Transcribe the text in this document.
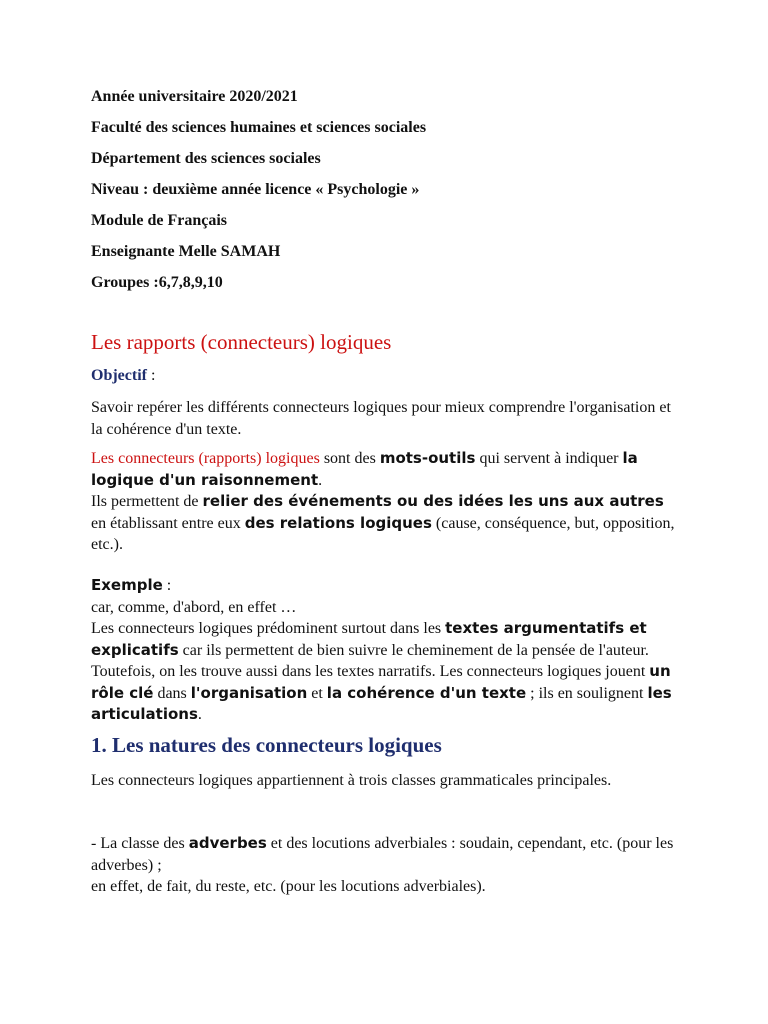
Année universitaire 2020/2021
Faculté des sciences humaines et sciences sociales
Département des sciences sociales
Niveau : deuxième année licence « Psychologie »
Module de Français
Enseignante Melle SAMAH
Groupes :6,7,8,9,10
Les rapports (connecteurs) logiques
Objectif :
Savoir repérer les différents connecteurs logiques pour mieux comprendre l'organisation et la cohérence d'un texte.
Les connecteurs (rapports) logiques sont des mots-outils qui servent à indiquer la logique d'un raisonnement.
Ils permettent de relier des événements ou des idées les uns aux autres en établissant entre eux des relations logiques (cause, conséquence, but, opposition, etc.).
Exemple :
car, comme, d'abord, en effet …
Les connecteurs logiques prédominent surtout dans les textes argumentatifs et explicatifs car ils permettent de bien suivre le cheminement de la pensée de l'auteur. Toutefois, on les trouve aussi dans les textes narratifs. Les connecteurs logiques jouent un rôle clé dans l'organisation et la cohérence d'un texte ; ils en soulignent les articulations.
1. Les natures des connecteurs logiques
Les connecteurs logiques appartiennent à trois classes grammaticales principales.
- La classe des adverbes et des locutions adverbiales : soudain, cependant, etc. (pour les adverbes) ;
en effet, de fait, du reste, etc. (pour les locutions adverbiales).
